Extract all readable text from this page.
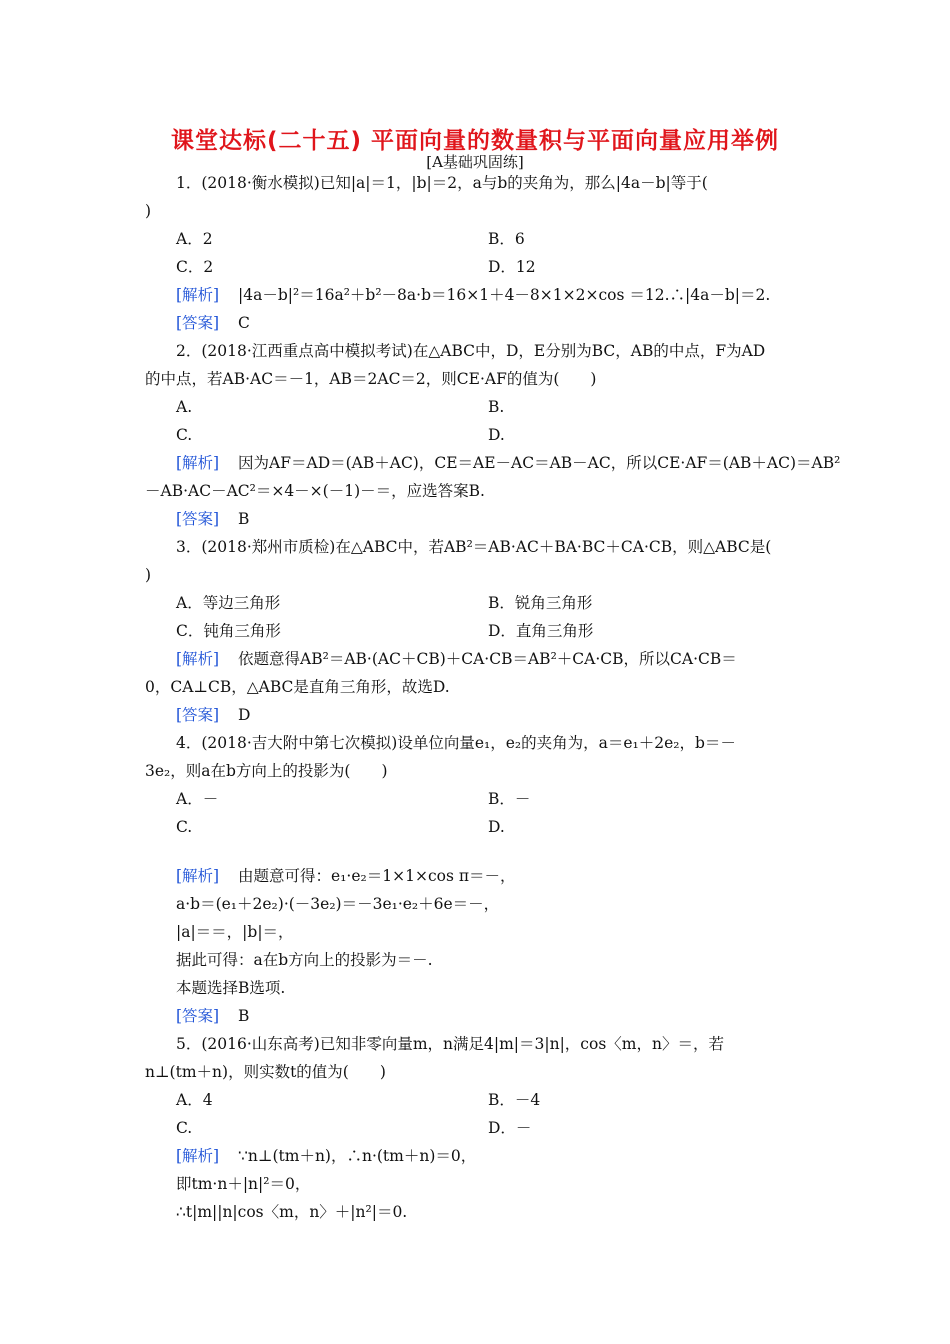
课堂达标(二十五) 平面向量的数量积与平面向量应用举例
[A基础巩固练]
1．(2018·衡水模拟)已知|a|＝1，|b|＝2，a与b的夹角为，那么|4a－b|等于(
)
A．2	B．6
C．2	D．12
[解析] |4a－b|²＝16a²＋b²－8a·b＝16×1＋4－8×1×2×cos ＝12.∴|4a－b|＝2.
[答案] C
2．(2018·江西重点高中模拟考试)在△ABC中，D，E分别为BC，AB的中点，F为AD
的中点，若AB·AC＝－1，AB＝2AC＝2，则CE·AF的值为(　　)
A.	B.
C.	D.
[解析] 因为AF＝AD＝(AB＋AC)，CE＝AE－AC＝AB－AC，所以CE·AF＝(AB＋AC)＝AB²
－AB·AC－AC²＝×4－×(－1)－＝，应选答案B.
[答案] B
3．(2018·郑州市质检)在△ABC中，若AB²＝AB·AC＋BA·BC＋CA·CB，则△ABC是(
)
A．等边三角形	B．锐角三角形
C．钝角三角形	D．直角三角形
[解析] 依题意得AB²＝AB·(AC＋CB)＋CA·CB＝AB²＋CA·CB，所以CA·CB＝
0，CA⊥CB，△ABC是直角三角形，故选D.
[答案] D
4．(2018·吉大附中第七次模拟)设单位向量e₁，e₂的夹角为，a＝e₁＋2e₂，b＝－
3e₂，则a在b方向上的投影为(　　)
A．－	B．－
C.	D.
[解析] 由题意可得：e₁·e₂＝1×1×cos π＝－，
a·b＝(e₁＋2e₂)·(－3e₂)＝－3e₁·e₂＋6e＝－，
|a|＝＝，|b|＝，
据此可得：a在b方向上的投影为＝－.
本题选择B选项.
[答案] B
5．(2016·山东高考)已知非零向量m，n满足4|m|＝3|n|，cos〈m，n〉＝，若
n⊥(tm＋n)，则实数t的值为(　　)
A．4	B．－4
C.	D．－
[解析] ∵n⊥(tm＋n)，∴n·(tm＋n)＝0，
即tm·n＋|n|²＝0，
∴t|m||n|cos〈m，n〉＋|n²|＝0.
